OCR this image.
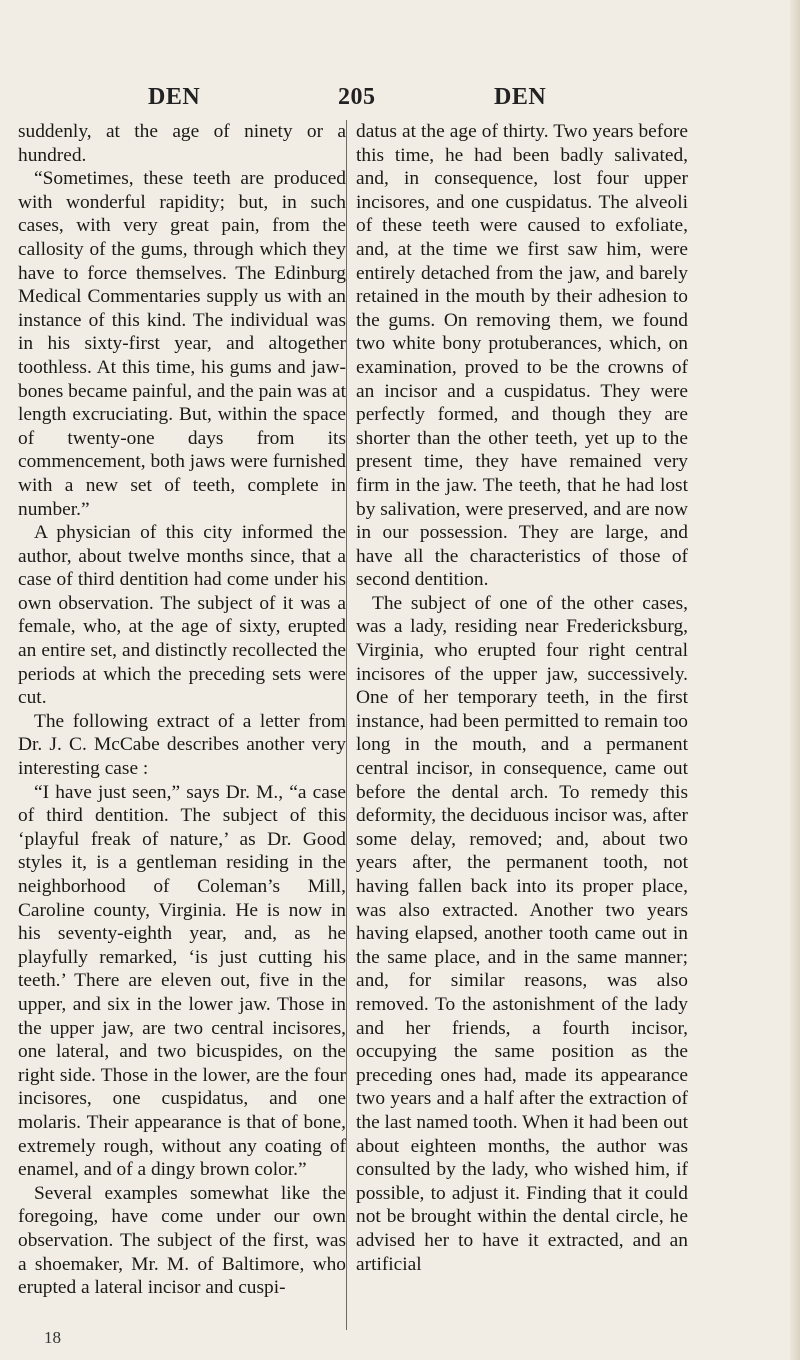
DEN	205	DEN

suddenly, at the age of ninety or a hundred.

“Sometimes, these teeth are produced with wonderful rapidity; but, in such cases, with very great pain, from the callosity of the gums, through which they have to force themselves. The Edinburg Medical Commentaries supply us with an instance of this kind. The individual was in his sixty-first year, and altogether toothless. At this time, his gums and jaw-bones became painful, and the pain was at length excruciating. But, within the space of twenty-one days from its commencement, both jaws were furnished with a new set of teeth, complete in number.”

A physician of this city informed the author, about twelve months since, that a case of third dentition had come under his own observation. The subject of it was a female, who, at the age of sixty, erupted an entire set, and distinctly recollected the periods at which the preceding sets were cut.

The following extract of a letter from Dr. J. C. McCabe describes another very interesting case :

“I have just seen,” says Dr. M., “a case of third dentition. The subject of this ‘playful freak of nature,’ as Dr. Good styles it, is a gentleman residing in the neighborhood of Coleman’s Mill, Caroline county, Virginia. He is now in his seventy-eighth year, and, as he playfully remarked, ‘is just cutting his teeth.’ There are eleven out, five in the upper, and six in the lower jaw. Those in the upper jaw, are two central incisores, one lateral, and two bicuspides, on the right side. Those in the lower, are the four incisores, one cuspidatus, and one molaris. Their appearance is that of bone, extremely rough, without any coating of enamel, and of a dingy brown color.”

Several examples somewhat like the foregoing, have come under our own observation. The subject of the first, was a shoemaker, Mr. M. of Baltimore, who erupted a lateral incisor and cuspi-

datus at the age of thirty. Two years before this time, he had been badly salivated, and, in consequence, lost four upper incisores, and one cuspidatus. The alveoli of these teeth were caused to exfoliate, and, at the time we first saw him, were entirely detached from the jaw, and barely retained in the mouth by their adhesion to the gums. On removing them, we found two white bony protuberances, which, on examination, proved to be the crowns of an incisor and a cuspidatus. They were perfectly formed, and though they are shorter than the other teeth, yet up to the present time, they have remained very firm in the jaw. The teeth, that he had lost by salivation, were preserved, and are now in our possession. They are large, and have all the characteristics of those of second dentition.

The subject of one of the other cases, was a lady, residing near Fredericksburg, Virginia, who erupted four right central incisores of the upper jaw, successively. One of her temporary teeth, in the first instance, had been permitted to remain too long in the mouth, and a permanent central incisor, in consequence, came out before the dental arch. To remedy this deformity, the deciduous incisor was, after some delay, removed; and, about two years after, the permanent tooth, not having fallen back into its proper place, was also extracted. Another two years having elapsed, another tooth came out in the same place, and in the same manner; and, for similar reasons, was also removed. To the astonishment of the lady and her friends, a fourth incisor, occupying the same position as the preceding ones had, made its appearance two years and a half after the extraction of the last named tooth. When it had been out about eighteen months, the author was consulted by the lady, who wished him, if possible, to adjust it. Finding that it could not be brought within the dental circle, he advised her to have it extracted, and an artificial

18
